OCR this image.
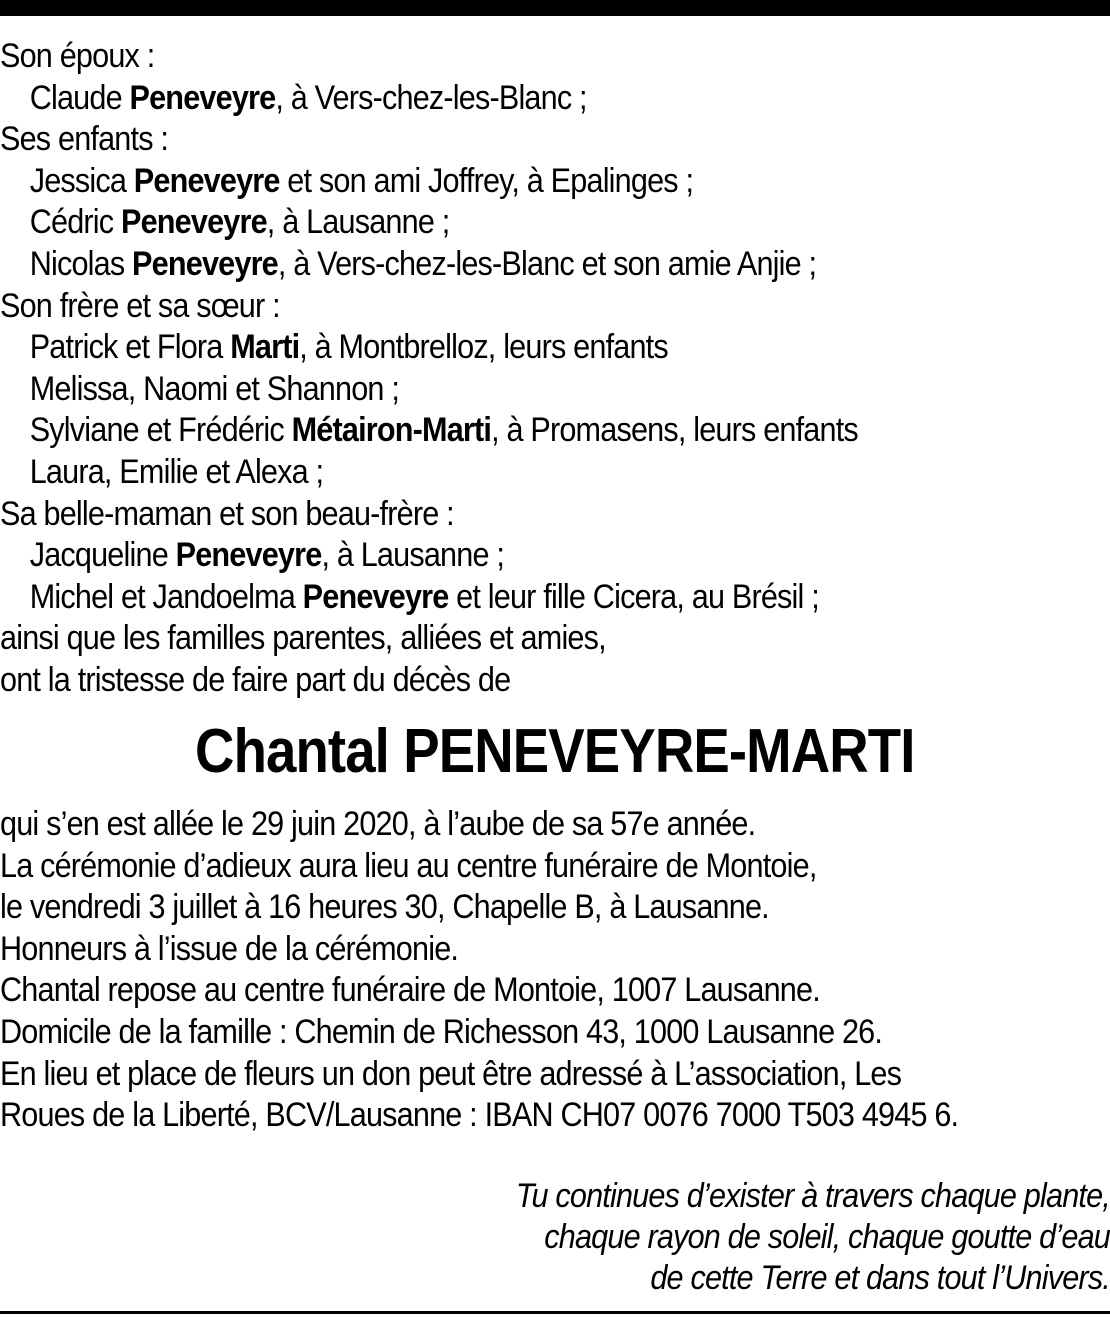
Son époux :
Claude Peneveyre, à Vers-chez-les-Blanc ;
Ses enfants :
Jessica Peneveyre et son ami Joffrey, à Epalinges ;
Cédric Peneveyre, à Lausanne ;
Nicolas Peneveyre, à Vers-chez-les-Blanc et son amie Anjie ;
Son frère et sa sœur :
Patrick et Flora Marti, à Montbrelloz, leurs enfants
Melissa, Naomi et Shannon ;
Sylviane et Frédéric Métairon-Marti, à Promasens, leurs enfants
Laura, Emilie et Alexa ;
Sa belle-maman et son beau-frère :
Jacqueline Peneveyre, à Lausanne ;
Michel et Jandoelma Peneveyre et leur fille Cicera, au Brésil ;
ainsi que les familles parentes, alliées et amies,
ont la tristesse de faire part du décès de
Chantal PENEVEYRE-MARTI
qui s’en est allée le 29 juin 2020, à l’aube de sa 57e année.
La cérémonie d’adieux aura lieu au centre funéraire de Montoie,
le vendredi 3 juillet à 16 heures 30, Chapelle B, à Lausanne.
Honneurs à l’issue de la cérémonie.
Chantal repose au centre funéraire de Montoie, 1007 Lausanne.
Domicile de la famille : Chemin de Richesson 43, 1000 Lausanne 26.
En lieu et place de fleurs un don peut être adressé à L’association, Les
Roues de la Liberté, BCV/Lausanne : IBAN CH07 0076 7000 T503 4945 6.
Tu continues d’exister à travers chaque plante,
chaque rayon de soleil, chaque goutte d’eau
de cette Terre et dans tout l’Univers.
